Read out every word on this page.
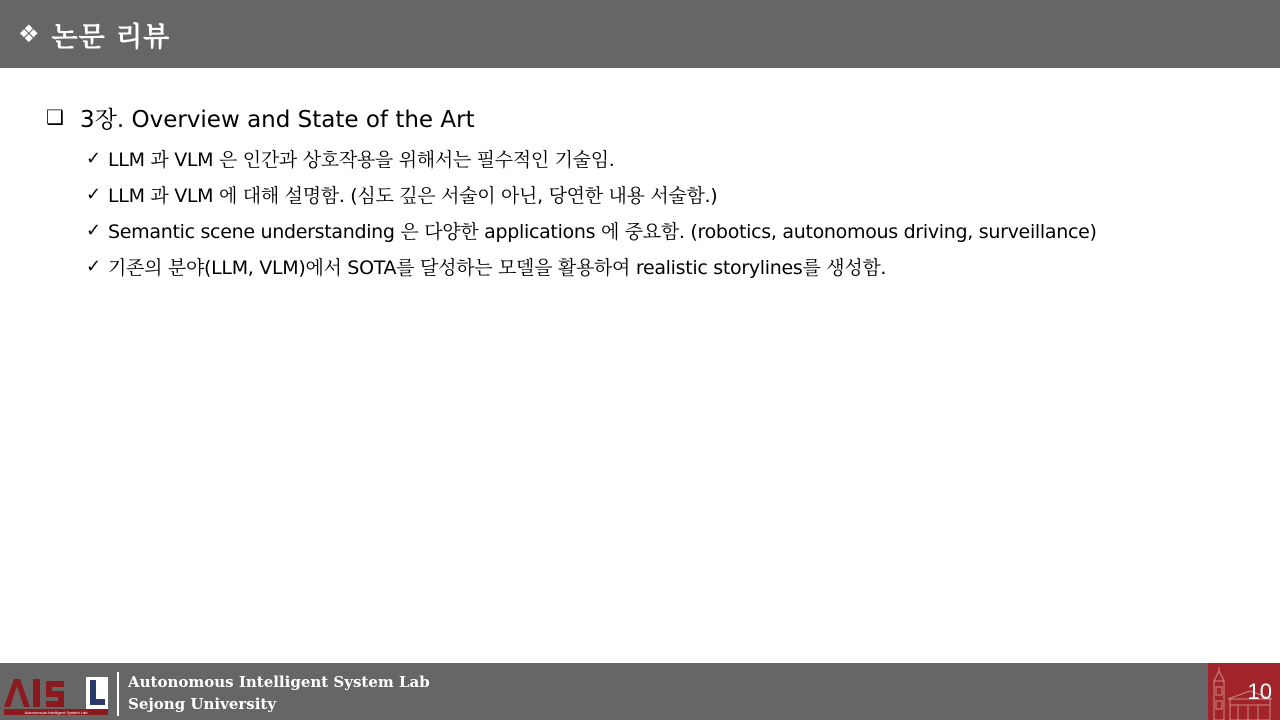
❖ 논문 리뷰
❑ 3장. Overview and State of the Art
✓ LLM 과 VLM 은 인간과 상호작용을 위해서는 필수적인 기술임.
✓ LLM 과 VLM 에 대해 설명함. (심도 깊은 서술이 아닌, 당연한 내용 서술함.)
✓ Semantic scene understanding 은 다양한 applications 에 중요함. (robotics, autonomous driving, surveillance)
✓ 기존의 분야(LLM, VLM)에서 SOTA를 달성하는 모델을 활용하여 realistic storylines를 생성함.
Autonomous Intelligent System Lab
Autonomous Intelligent System Lab
Sejong University	10
